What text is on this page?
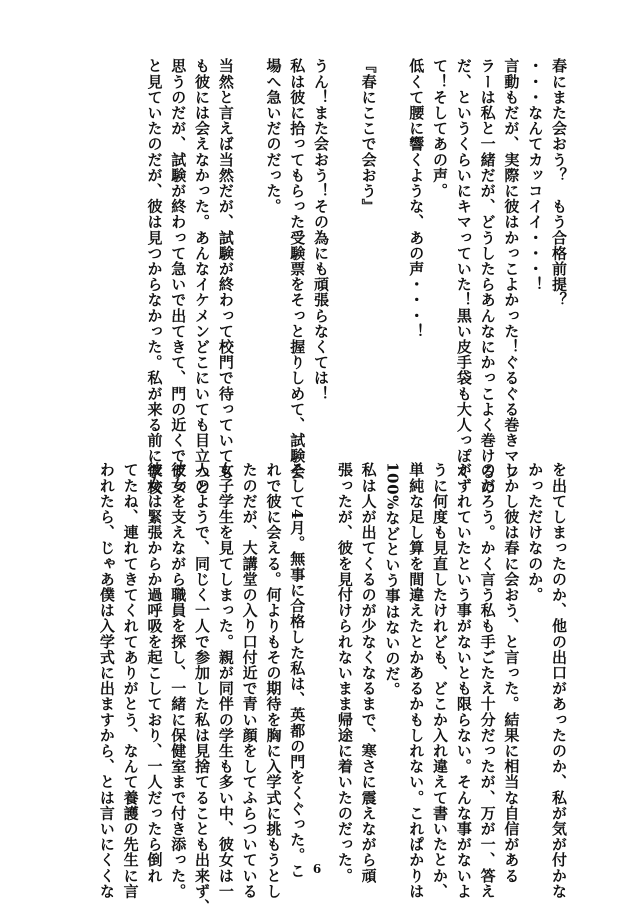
春にまた会おう？　もう合格前提？
・・・なんてカッコイイ・・・！
言動もだが、実際に彼はかっこよかった！ぐるぐる巻きマフ
ラーは私と一緒だが、どうしたらあんなにかっこよく巻けるの
だ、というくらいにキマっていた！黒い皮手袋も大人っぽく
て！そしてあの声。
低くて腰に響くような、あの声・・・！

『春にここで会おう』

うん！また会おう！その為にも頑張らなくては！
私は彼に拾ってもらった受験票をそっと握りしめて、試験会
場へ急いだのだった。

当然と言えば当然だが、試験が終わって校門で待っていても
も彼には会えなかった。あんなイケメンどこにいても目立つと
思うのだが、試験が終わって急いで出てきて、門の近くでずっ
と見ていたのだが、彼は見つからなかった。私が来る前に学校
を出てしまったのか、他の出口があったのか、私が気が付かな
かっただけなのか。
しかし彼は春に会おう、と言った。結果に相当な自信がある
のだろう。かく言う私も手ごたえ十分だったが、万が一、答え
がずれていたという事がないとも限らない。そんな事がないよ
うに何度も見直したけれども、どこか入れ違えて書いたとか、
単純な足し算を間違えたとかあるかもしれない。これぱかりは
100%などという事はないのだ。
私は人が出てくるのが少なくなるまで、寒さに震えながら頑
張ったが、彼を見付けられないまま帰途に着いたのだった。

そして4月。無事に合格した私は、英都の門をくぐった。こ
れで彼に会える。何よりもその期待を胸に入学式に挑もうとし
たのだが、大講堂の入り口付近で青い顔をしてふらついている
女子学生を見てしまった。親が同伴の学生も多い中、彼女は一
人のようで、同じく一人で参加した私は見捨てることも出来ず、
彼女を支えながら職員を探し、一緒に保健室まで付き添った。
彼女は緊張からか過呼吸を起こしており、一人だったら倒れ
てたね、連れてきてくれてありがとう、なんて養護の先生に言
われたら、じゃあ僕は入学式に出ますから、とは言いにくくな	6
